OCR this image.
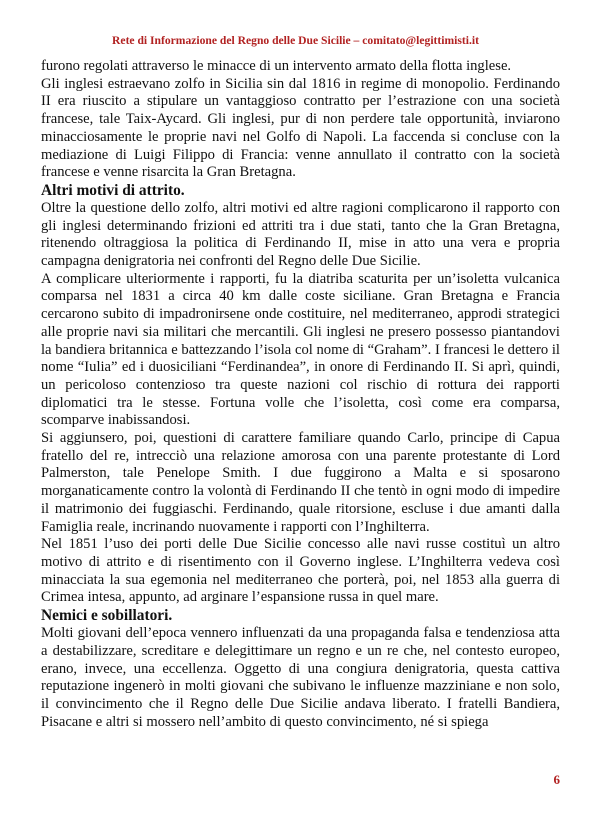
Rete di Informazione del Regno delle Due Sicilie – comitato@legittimisti.it

furono regolati attraverso le minacce di un intervento armato della flotta inglese.

Gli inglesi estraevano zolfo in Sicilia sin dal 1816 in regime di monopolio. Ferdinando II era riuscito a stipulare un vantaggioso contratto per l’estrazione con una società francese, tale Taix-Aycard. Gli inglesi, pur di non perdere tale opportunità, inviarono minacciosamente le proprie navi nel Golfo di Napoli. La faccenda si concluse con la mediazione di Luigi Filippo di Francia: venne annullato il contratto con la società francese e venne risarcita la Gran Bretagna.

Altri motivi di attrito.

Oltre la questione dello zolfo, altri motivi ed altre ragioni complicarono il rapporto con gli inglesi determinando frizioni ed attriti tra i due stati, tanto che la Gran Bretagna, ritenendo oltraggiosa la politica di Ferdinando II, mise in atto una vera e propria campagna denigratoria nei confronti del Regno delle Due Sicilie.

A complicare ulteriormente i rapporti, fu la diatriba scaturita per un’isoletta vulcanica comparsa nel 1831 a circa 40 km dalle coste siciliane. Gran Bretagna e Francia cercarono subito di impadronirsene onde costituire, nel mediterraneo, approdi strategici alle proprie navi sia militari che mercantili. Gli inglesi ne presero possesso piantandovi la bandiera britannica e battezzando l’isola col nome di “Graham”. I francesi le dettero il nome “Iulia” ed i duosiciliani “Ferdinandea”, in onore di Ferdinando II. Si aprì, quindi, un pericoloso contenzioso tra queste nazioni col rischio di rottura dei rapporti diplomatici tra le stesse. Fortuna volle che l’isoletta, così come era comparsa, scomparve inabissandosi.

Si aggiunsero, poi, questioni di carattere familiare quando Carlo, principe di Capua fratello del re, intrecciò una relazione amorosa con una parente protestante di Lord Palmerston, tale Penelope Smith. I due fuggirono a Malta e si sposarono morganaticamente contro la volontà di Ferdinando II che tentò in ogni modo di impedire il matrimonio dei fuggiaschi. Ferdinando, quale ritorsione, escluse i due amanti dalla Famiglia reale, incrinando nuovamente i rapporti con l’Inghilterra.

Nel 1851 l’uso dei porti delle Due Sicilie concesso alle navi russe costituì un altro motivo di attrito e di risentimento con il Governo inglese. L’Inghilterra vedeva così minacciata la sua egemonia nel mediterraneo che porterà, poi, nel 1853 alla guerra di Crimea intesa, appunto, ad arginare l’espansione russa in quel mare.

Nemici e sobillatori.

Molti giovani dell’epoca vennero influenzati da una propaganda falsa e tendenziosa atta a destabilizzare, screditare e delegittimare un regno e un re che, nel contesto europeo, erano, invece, una eccellenza. Oggetto di una congiura denigratoria, questa cattiva reputazione ingenerò in molti giovani che subivano le influenze mazziniane e non solo, il convincimento che il Regno delle Due Sicilie andava liberato. I fratelli Bandiera, Pisacane e altri si mossero nell’ambito di questo convincimento, né si spiega

6
